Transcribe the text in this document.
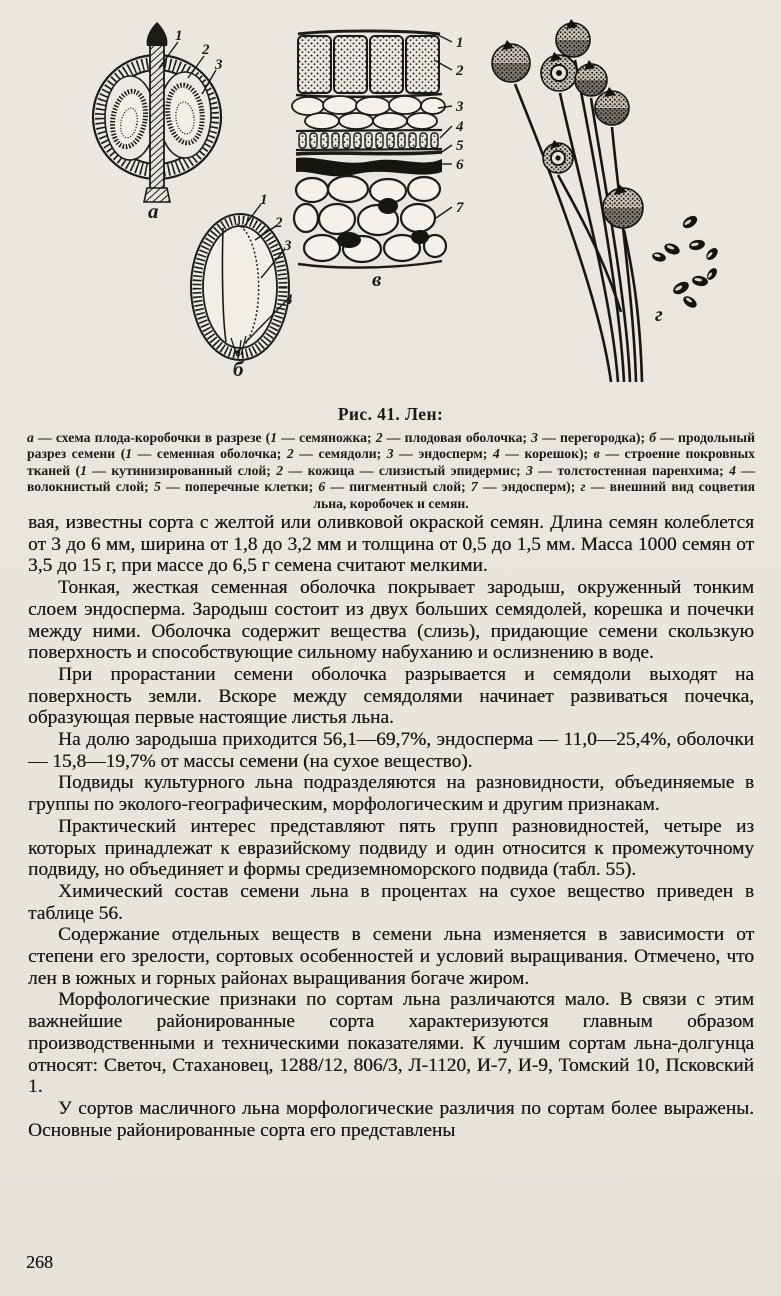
1
2
3
а	1
2
3
4
б
1
2
3
4
5
6
7
в
г
Рис. 41. Лен:
а — схема плода-коробочки в разрезе (1 — семяножка; 2 — плодовая оболочка; 3 — перегородка); б — продольный разрез семени (1 — семенная оболочка; 2 — семядоли; 3 — эндосперм; 4 — корешок); в — строение покровных тканей (1 — кутинизированный слой; 2 — кожица — слизистый эпидермис; 3 — толстостенная паренхима; 4 — волокнистый слой; 5 — поперечные клетки; 6 — пигментный слой; 7 — эндосперм); г — внешний вид соцветия льна, коробочек и семян.

вая, известны сорта с желтой или оливковой окраской семян. Длина семян колеблется от 3 до 6 мм, ширина от 1,8 до 3,2 мм и толщина от 0,5 до 1,5 мм. Масса 1000 семян от 3,5 до 15 г, при массе до 6,5 г семена считают мелкими.

Тонкая, жесткая семенная оболочка покрывает зародыш, окруженный тонким слоем эндосперма. Зародыш состоит из двух больших семядолей, корешка и почечки между ними. Оболочка содержит вещества (слизь), придающие семени скользкую поверхность и способствующие сильному набуханию и ослизнению в воде.

При прорастании семени оболочка разрывается и семядоли выходят на поверхность земли. Вскоре между семядолями начинает развиваться почечка, образующая первые настоящие листья льна.

На долю зародыша приходится 56,1—69,7%, эндосперма — 11,0—25,4%, оболочки — 15,8—19,7% от массы семени (на сухое вещество).

Подвиды культурного льна подразделяются на разновидности, объединяемые в группы по эколого-географическим, морфологическим и другим признакам.

Практический интерес представляют пять групп разновидностей, четыре из которых принадлежат к евразийскому подвиду и один относится к промежуточному подвиду, но объединяет и формы средиземноморского подвида (табл. 55).

Химический состав семени льна в процентах на сухое вещество приведен в таблице 56.

Содержание отдельных веществ в семени льна изменяется в зависимости от степени его зрелости, сортовых особенностей и условий выращивания. Отмечено, что лен в южных и горных районах выращивания богаче жиром.

Морфологические признаки по сортам льна различаются мало. В связи с этим важнейшие районированные сорта характеризуются главным образом производственными и техническими показателями. К лучшим сортам льна-долгунца относят: Светоч, Стахановец, 1288/12, 806/3, Л-1120, И-7, И-9, Томский 10, Псковский 1.

У сортов масличного льна морфологические различия по сортам более выражены. Основные районированные сорта его представлены

268
